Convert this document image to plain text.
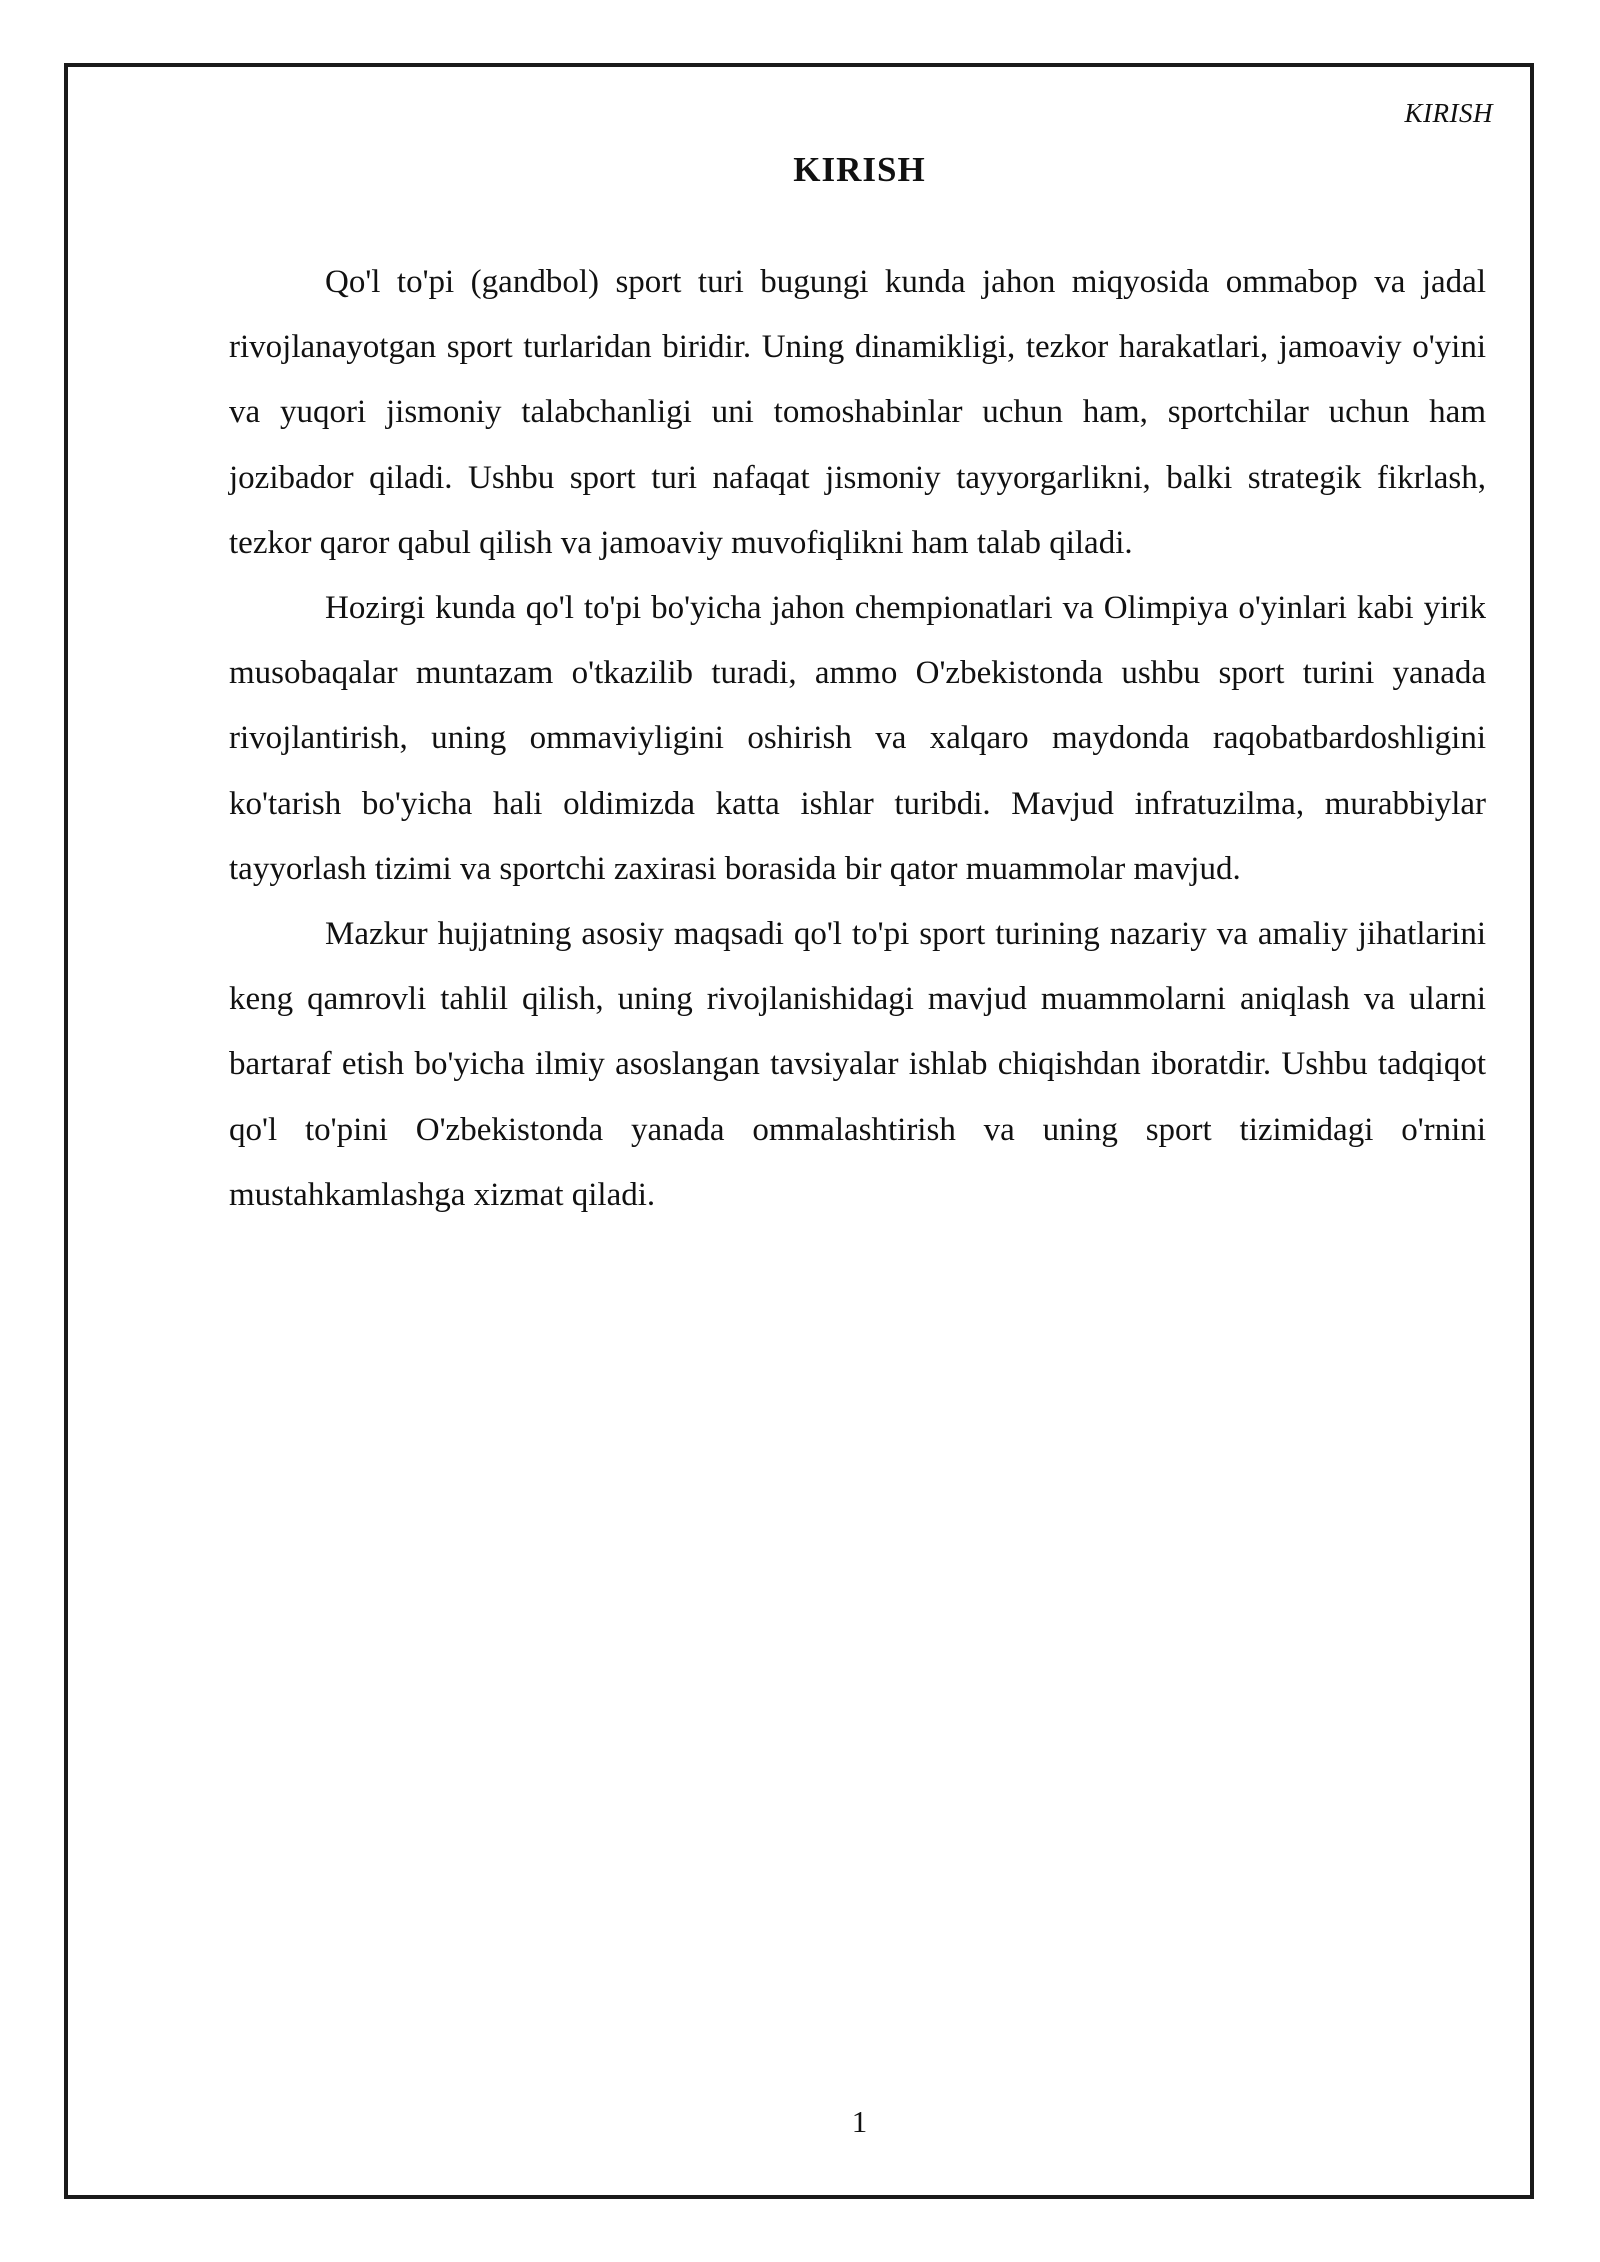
KIRISH
KIRISH

Qo'l to'pi (gandbol) sport turi bugungi kunda jahon miqyosida ommabop va jadal rivojlanayotgan sport turlaridan biridir. Uning dinamikligi, tezkor harakatlari, jamoaviy o'yini va yuqori jismoniy talabchanligi uni tomoshabinlar uchun ham, sportchilar uchun ham jozibador qiladi. Ushbu sport turi nafaqat jismoniy tayyorgarlikni, balki strategik fikrlash, tezkor qaror qabul qilish va jamoaviy muvofiqlikni ham talab qiladi.

Hozirgi kunda qo'l to'pi bo'yicha jahon chempionatlari va Olimpiya o'yinlari kabi yirik musobaqalar muntazam o'tkazilib turadi, ammo O'zbekistonda ushbu sport turini yanada rivojlantirish, uning ommaviyligini oshirish va xalqaro maydonda raqobatbardoshligini ko'tarish bo'yicha hali oldimizda katta ishlar turibdi. Mavjud infratuzilma, murabbiylar tayyorlash tizimi va sportchi zaxirasi borasida bir qator muammolar mavjud.

Mazkur hujjatning asosiy maqsadi qo'l to'pi sport turining nazariy va amaliy jihatlarini keng qamrovli tahlil qilish, uning rivojlanishidagi mavjud muammolarni aniqlash va ularni bartaraf etish bo'yicha ilmiy asoslangan tavsiyalar ishlab chiqishdan iboratdir. Ushbu tadqiqot qo'l to'pini O'zbekistonda yanada ommalashtirish va uning sport tizimidagi o'rnini mustahkamlashga xizmat qiladi.

1
